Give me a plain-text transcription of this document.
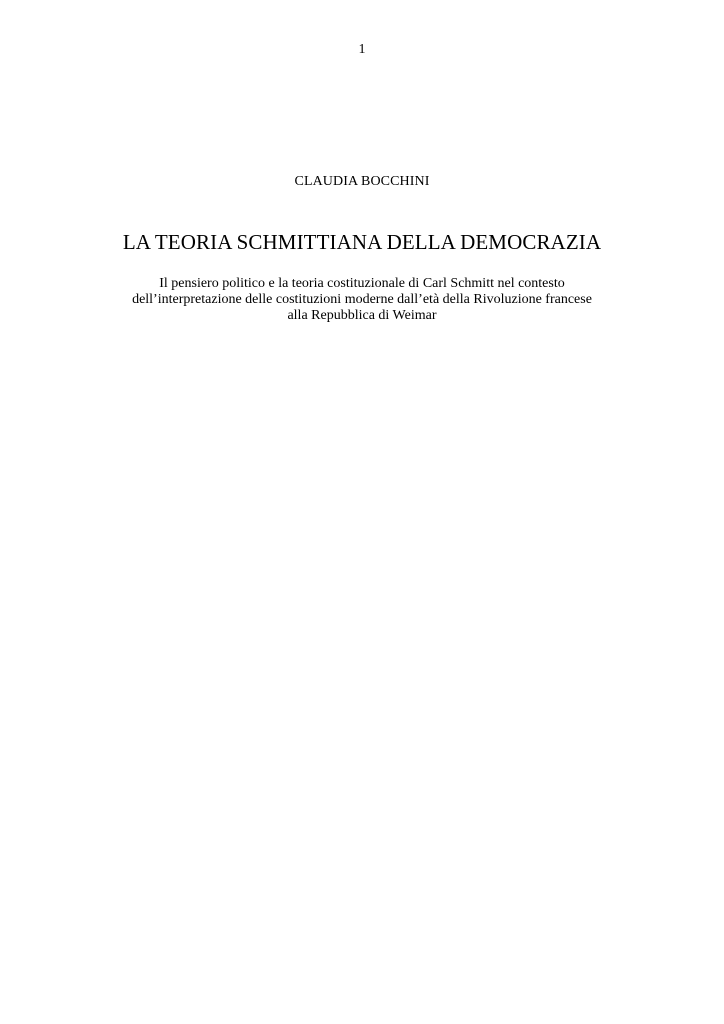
1
CLAUDIA BOCCHINI
LA TEORIA SCHMITTIANA DELLA DEMOCRAZIA
Il pensiero politico e la teoria costituzionale di Carl Schmitt nel contesto
dell’interpretazione delle costituzioni moderne dall’età della Rivoluzione francese
alla Repubblica di Weimar
